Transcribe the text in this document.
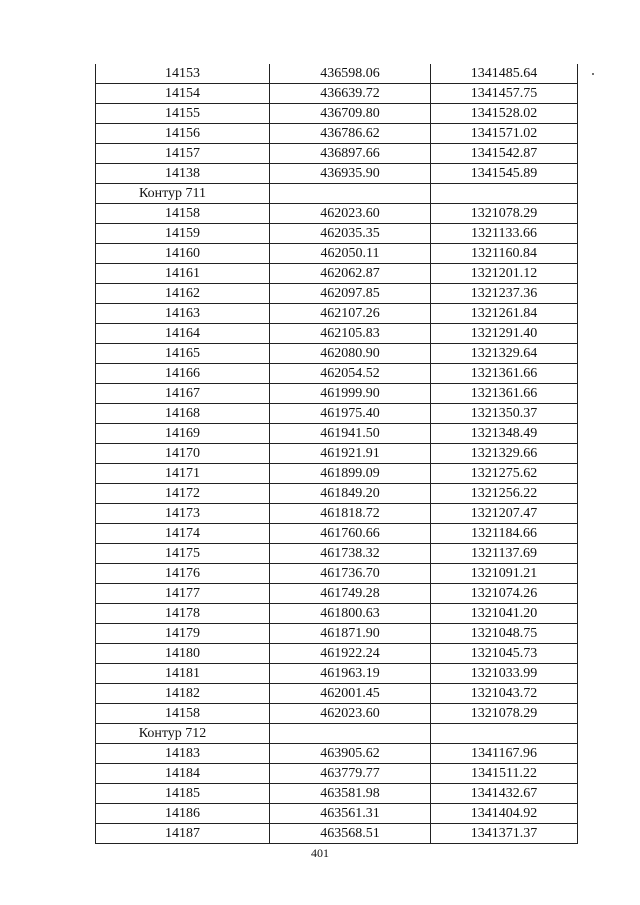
14153	436598.06	1341485.64
14154	436639.72	1341457.75
14155	436709.80	1341528.02
14156	436786.62	1341571.02
14157	436897.66	1341542.87
14138	436935.90	1341545.89
Контур 711		
14158	462023.60	1321078.29
14159	462035.35	1321133.66
14160	462050.11	1321160.84
14161	462062.87	1321201.12
14162	462097.85	1321237.36
14163	462107.26	1321261.84
14164	462105.83	1321291.40
14165	462080.90	1321329.64
14166	462054.52	1321361.66
14167	461999.90	1321361.66
14168	461975.40	1321350.37
14169	461941.50	1321348.49
14170	461921.91	1321329.66
14171	461899.09	1321275.62
14172	461849.20	1321256.22
14173	461818.72	1321207.47
14174	461760.66	1321184.66
14175	461738.32	1321137.69
14176	461736.70	1321091.21
14177	461749.28	1321074.26
14178	461800.63	1321041.20
14179	461871.90	1321048.75
14180	461922.24	1321045.73
14181	461963.19	1321033.99
14182	462001.45	1321043.72
14158	462023.60	1321078.29
Контур 712		
14183	463905.62	1341167.96
14184	463779.77	1341511.22
14185	463581.98	1341432.67
14186	463561.31	1341404.92
14187	463568.51	1341371.37
401
